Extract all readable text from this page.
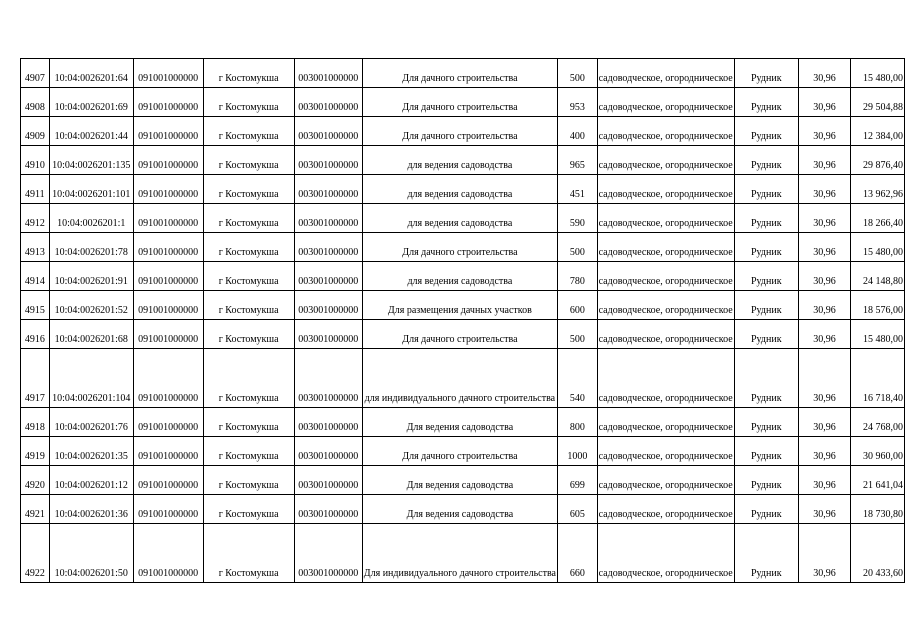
4907	10:04:0026201:64	091001000000	г Костомукша	003001000000	Для дачного строительства	500	садоводческое, огородническое	Рудник	30,96	15 480,00
4908	10:04:0026201:69	091001000000	г Костомукша	003001000000	Для дачного строительства	953	садоводческое, огородническое	Рудник	30,96	29 504,88
4909	10:04:0026201:44	091001000000	г Костомукша	003001000000	Для дачного строительства	400	садоводческое, огородническое	Рудник	30,96	12 384,00
4910	10:04:0026201:135	091001000000	г Костомукша	003001000000	для ведения садоводства	965	садоводческое, огородническое	Рудник	30,96	29 876,40
4911	10:04:0026201:101	091001000000	г Костомукша	003001000000	для ведения садоводства	451	садоводческое, огородническое	Рудник	30,96	13 962,96
4912	10:04:0026201:1	091001000000	г Костомукша	003001000000	для ведения садоводства	590	садоводческое, огородническое	Рудник	30,96	18 266,40
4913	10:04:0026201:78	091001000000	г Костомукша	003001000000	Для дачного строительства	500	садоводческое, огородническое	Рудник	30,96	15 480,00
4914	10:04:0026201:91	091001000000	г Костомукша	003001000000	для ведения садоводства	780	садоводческое, огородническое	Рудник	30,96	24 148,80
4915	10:04:0026201:52	091001000000	г Костомукша	003001000000	Для размещения дачных участков	600	садоводческое, огородническое	Рудник	30,96	18 576,00
4916	10:04:0026201:68	091001000000	г Костомукша	003001000000	Для дачного строительства	500	садоводческое, огородническое	Рудник	30,96	15 480,00
4917	10:04:0026201:104	091001000000	г Костомукша	003001000000	для индивидуального дачного строительства	540	садоводческое, огородническое	Рудник	30,96	16 718,40
4918	10:04:0026201:76	091001000000	г Костомукша	003001000000	Для ведения садоводства	800	садоводческое, огородническое	Рудник	30,96	24 768,00
4919	10:04:0026201:35	091001000000	г Костомукша	003001000000	Для дачного строительства	1000	садоводческое, огородническое	Рудник	30,96	30 960,00
4920	10:04:0026201:12	091001000000	г Костомукша	003001000000	Для ведения садоводства	699	садоводческое, огородническое	Рудник	30,96	21 641,04
4921	10:04:0026201:36	091001000000	г Костомукша	003001000000	Для ведения садоводства	605	садоводческое, огородническое	Рудник	30,96	18 730,80
4922	10:04:0026201:50	091001000000	г Костомукша	003001000000	Для индивидуального дачного строительства	660	садоводческое, огородническое	Рудник	30,96	20 433,60
